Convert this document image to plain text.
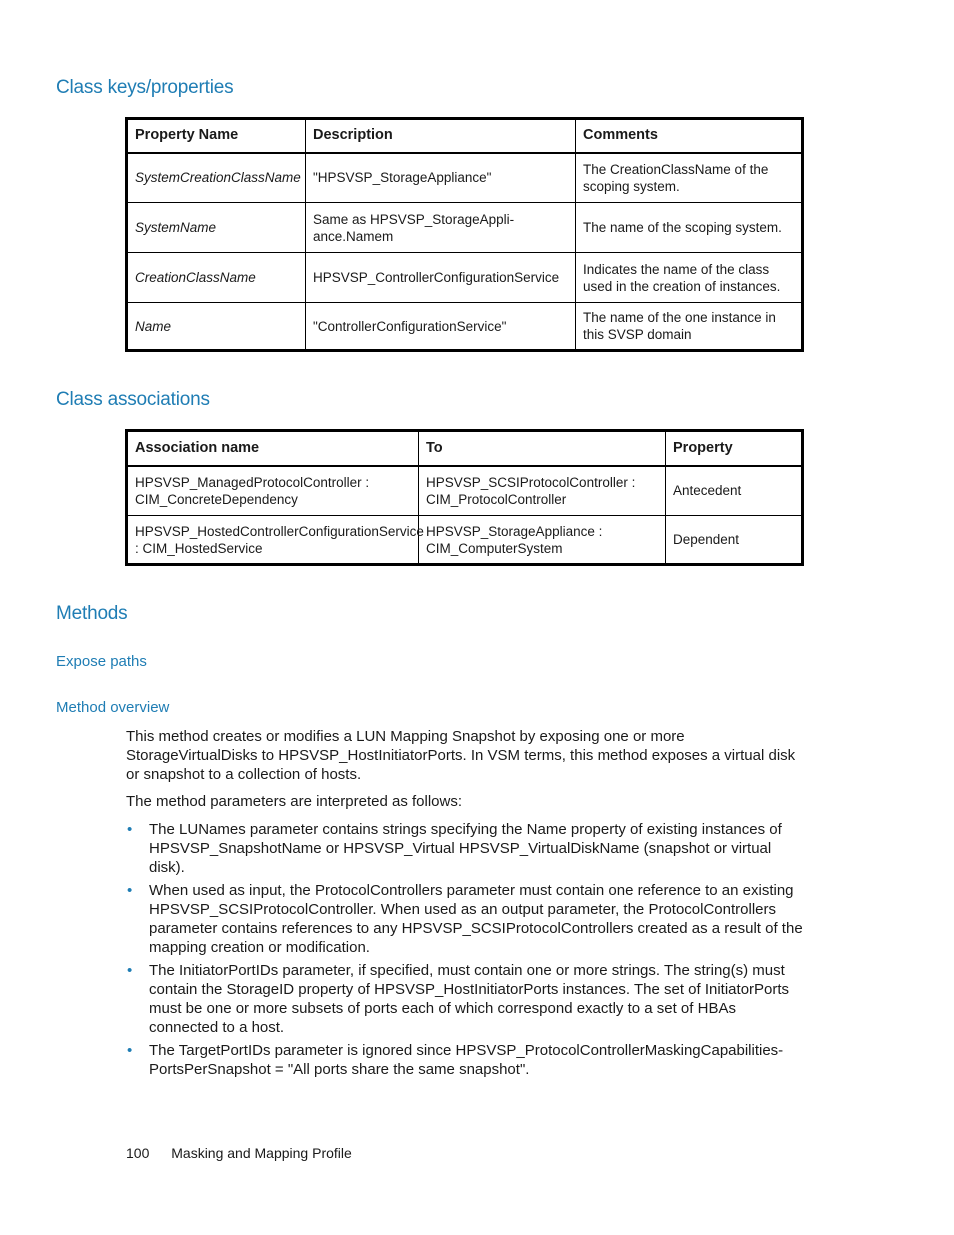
Class keys/properties
Property Name	Description	Comments
SystemCreationClassName	"HPSVSP_StorageAppliance"	The CreationClassName of the scoping system.
SystemName	Same as HPSVSP_StorageAppli-ance.Namem	The name of the scoping system.
CreationClassName	HPSVSP_ControllerConfigurationService	Indicates the name of the class used in the creation of instances.
Name	"ControllerConfigurationService"	The name of the one instance in this SVSP domain
Class associations
Association name	To	Property
HPSVSP_ManagedProtocolController : CIM_ConcreteDependency	HPSVSP_SCSIProtocolController : CIM_ProtocolController	Antecedent
HPSVSP_HostedControllerConfigurationService : CIM_HostedService	HPSVSP_StorageAppliance : CIM_ComputerSystem	Dependent
Methods
Expose paths
Method overview

This method creates or modifies a LUN Mapping Snapshot by exposing one or more StorageVirtualDisks to HPSVSP_HostInitiatorPorts. In VSM terms, this method exposes a virtual disk or snapshot to a collection of hosts.

The method parameters are interpreted as follows:

• The LUNames parameter contains strings specifying the Name property of existing instances of HPSVSP_SnapshotName or HPSVSP_Virtual HPSVSP_VirtualDiskName (snapshot or virtual disk).
• When used as input, the ProtocolControllers parameter must contain one reference to an existing HPSVSP_SCSIProtocolController. When used as an output parameter, the ProtocolControllers parameter contains references to any HPSVSP_SCSIProtocolControllers created as a result of the mapping creation or modification.
• The InitiatorPortIDs parameter, if specified, must contain one or more strings. The string(s) must contain the StorageID property of HPSVSP_HostInitiatorPorts instances. The set of InitiatorPorts must be one or more subsets of ports each of which correspond exactly to a set of HBAs connected to a host.
• The TargetPortIDs parameter is ignored since HPSVSP_ProtocolControllerMaskingCapabilities-PortsPerSnapshot = "All ports share the same snapshot".
100 Masking and Mapping Profile
